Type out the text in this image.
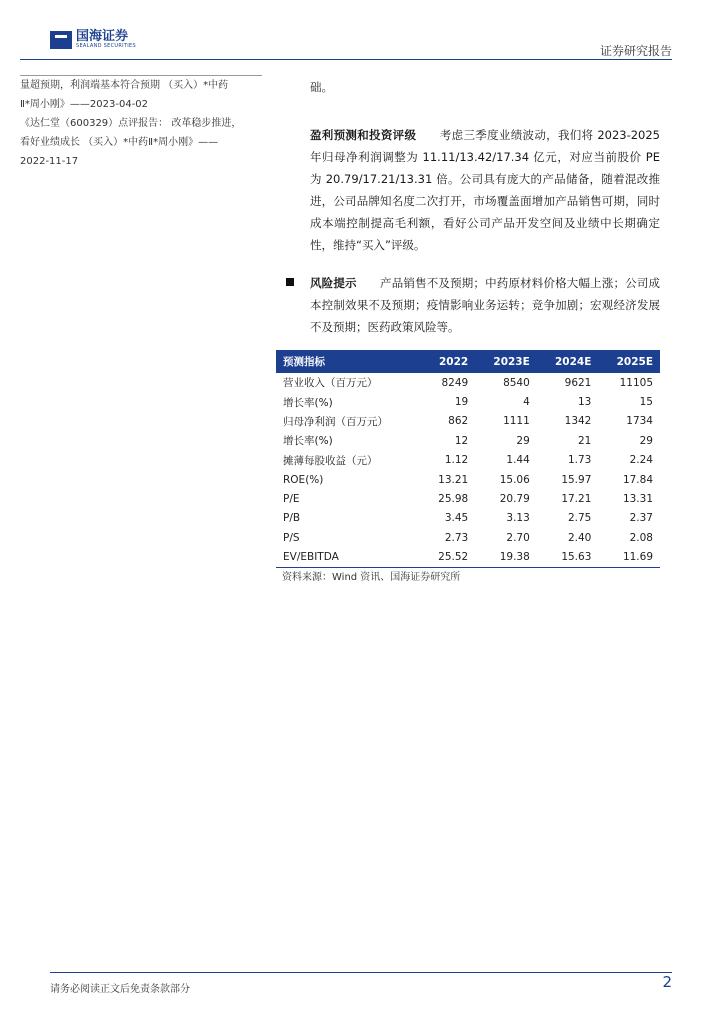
国海证券
SEALAND SECURITIES	证券研究报告
量超预期，利润端基本符合预期 （买入）*中药
Ⅱ*周小刚》——2023-04-02
《达仁堂（600329）点评报告： 改革稳步推进，
看好业绩成长 （买入）*中药Ⅱ*周小刚》——
2022-11-17

础。

盈利预测和投资评级　　考虑三季度业绩波动，我们将 2023-2025 年归母净利润调整为 11.11/13.42/17.34 亿元，对应当前股价 PE 为 20.79/17.21/13.31 倍。公司具有庞大的产品储备，随着混改推进，公司品牌知名度二次打开，市场覆盖面增加产品销售可期，同时成本端控制提高毛利额，看好公司产品开发空间及业绩中长期确定性，维持“买入”评级。
风险提示　　产品销售不及预期；中药原材料价格大幅上涨；公司成本控制效果不及预期；疫情影响业务运转；竞争加剧；宏观经济发展不及预期；医药政策风险等。
预测指标	2022	2023E	2024E	2025E
营业收入（百万元）	8249	8540	9621	11105
增长率(%)	19	4	13	15
归母净利润（百万元）	862	1111	1342	1734
增长率(%)	12	29	21	29
摊薄每股收益（元）	1.12	1.44	1.73	2.24
ROE(%)	13.21	15.06	15.97	17.84
P/E	25.98	20.79	17.21	13.31
P/B	3.45	3.13	2.75	2.37
P/S	2.73	2.70	2.40	2.08
EV/EBITDA	25.52	19.38	15.63	11.69
资料来源：Wind 资讯、国海证券研究所
请务必阅读正文后免责条款部分	2
